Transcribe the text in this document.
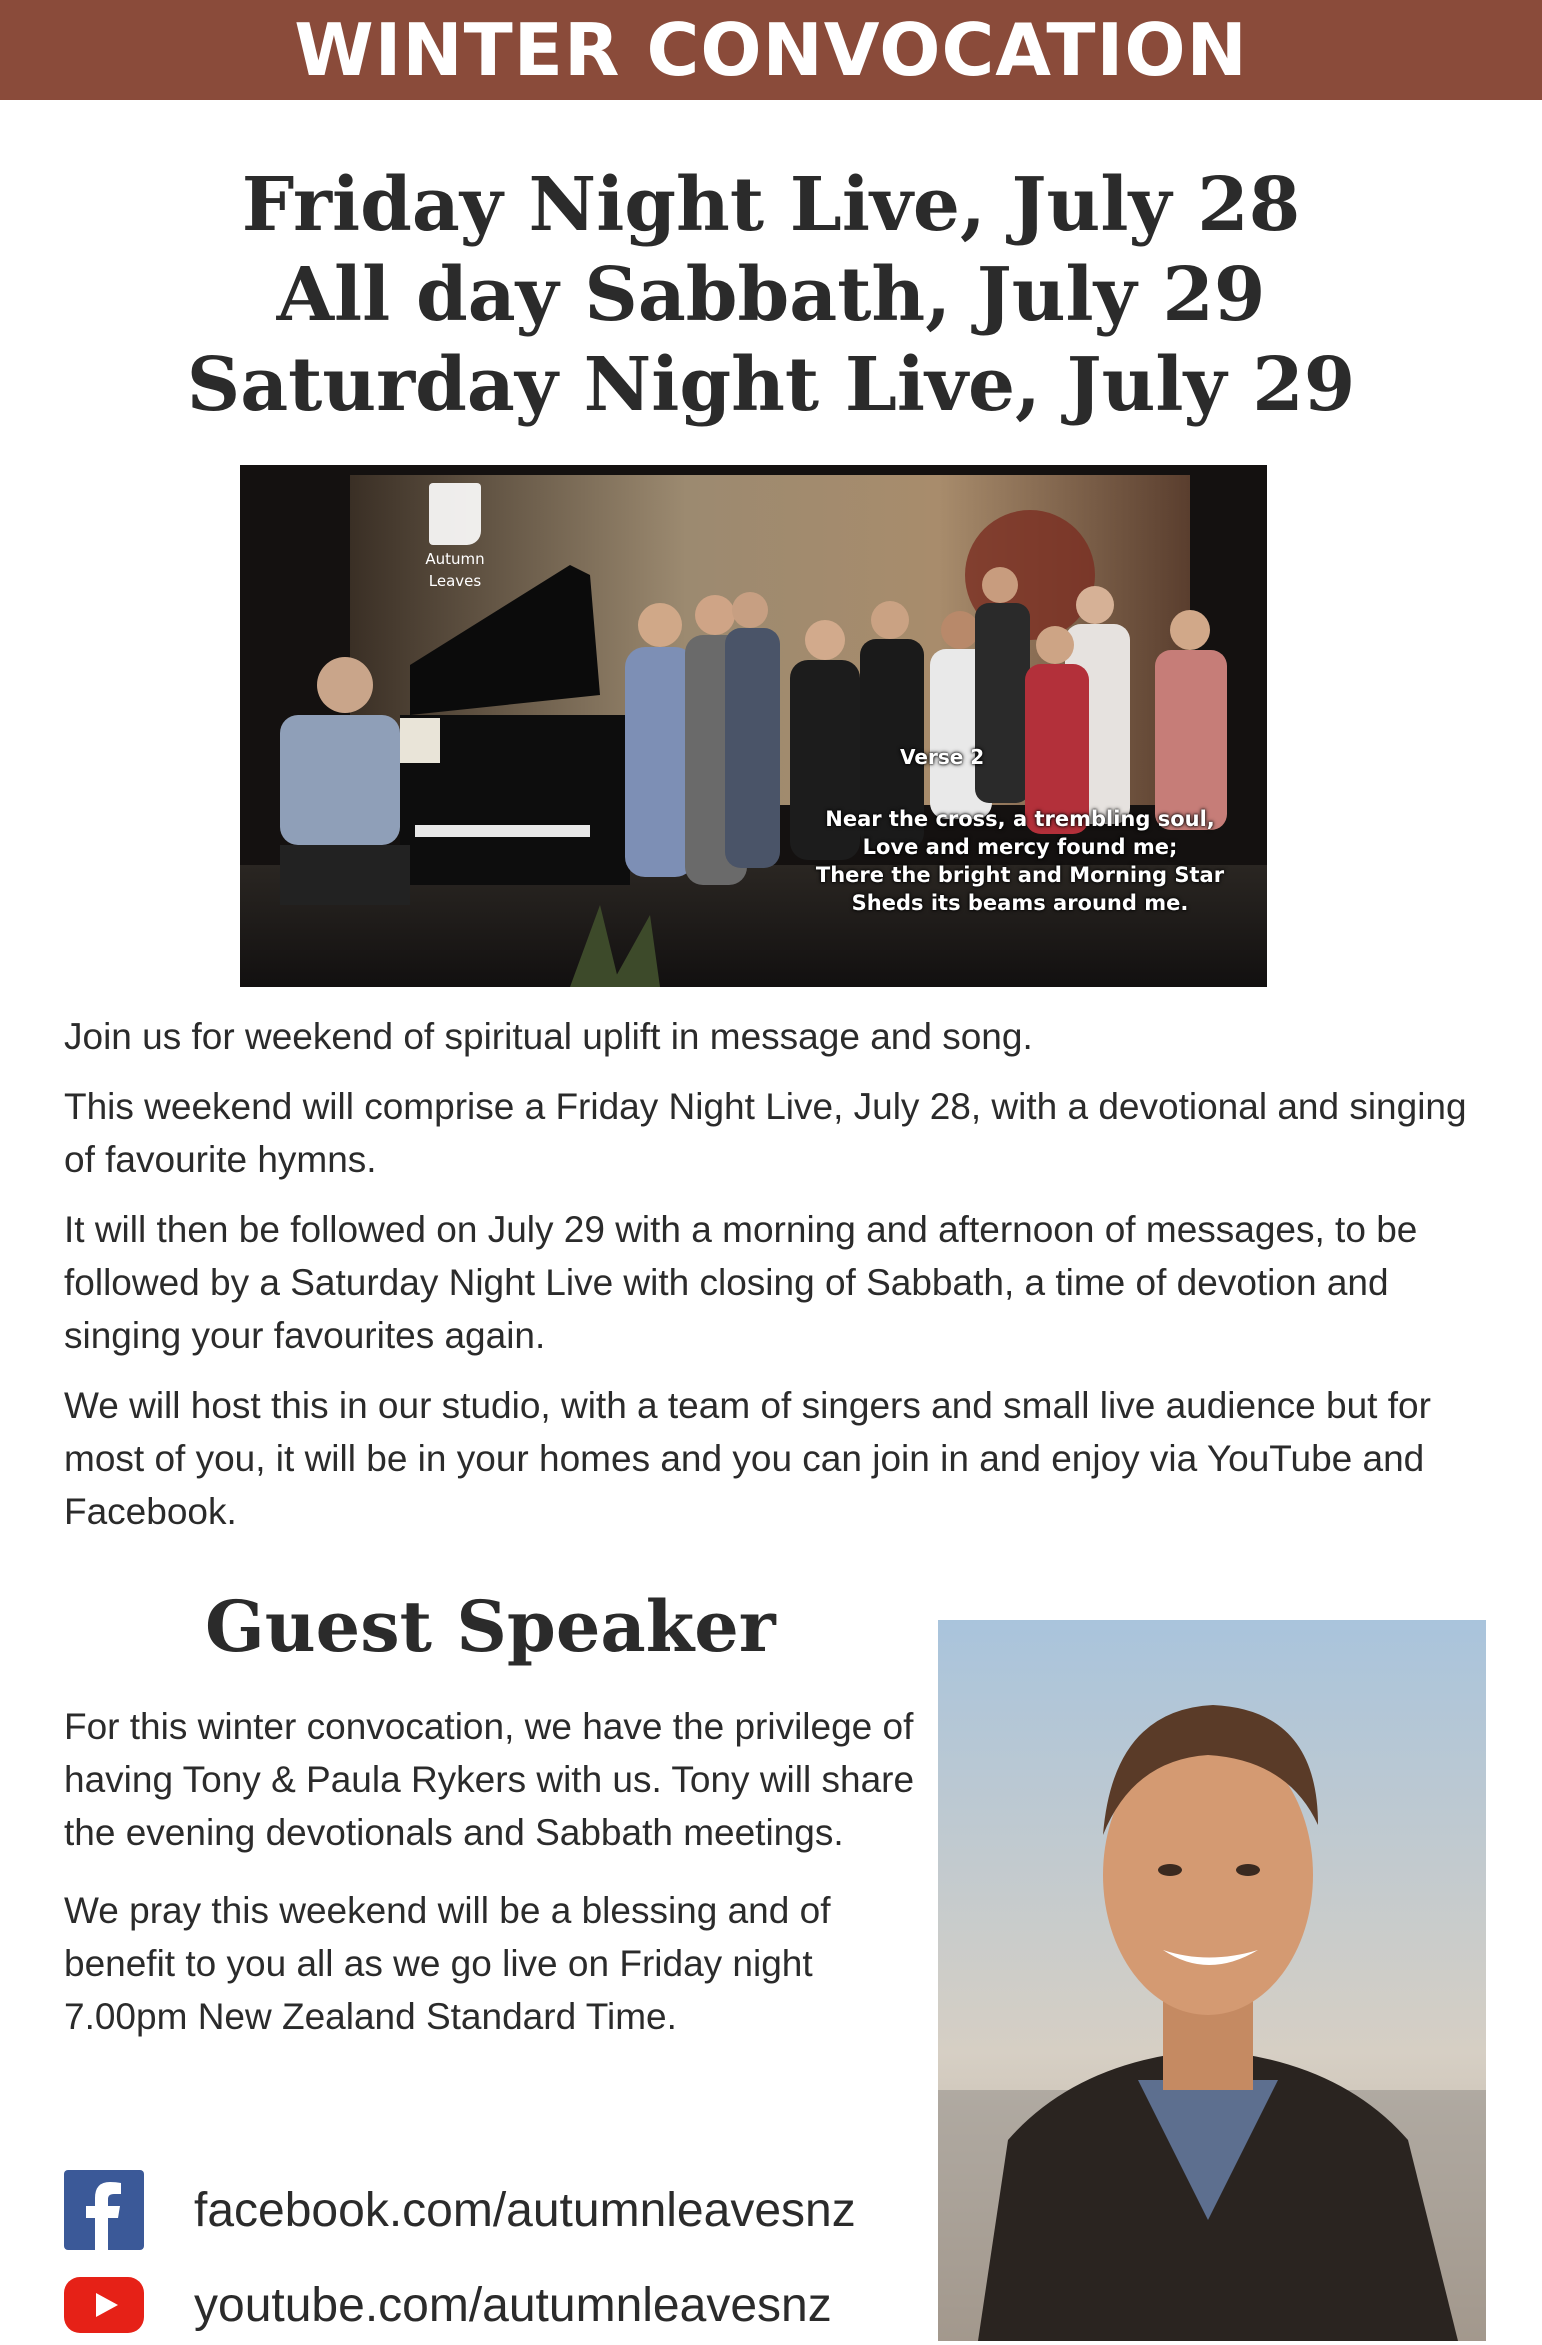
WINTER CONVOCATION
Friday Night Live, July 28
All day Sabbath, July 29
Saturday Night Live, July 29
Autumn
Leaves
Verse 2
Near the cross, a trembling soul,
Love and mercy found me;
There the bright and Morning Star
Sheds its beams around me.

Join us for weekend of spiritual uplift in message and song.

This weekend will comprise a Friday Night Live, July 28, with a devotional and singing of favourite hymns.

It will then be followed on July 29 with a morning and afternoon of messages, to be followed by a Saturday Night Live with closing of Sabbath, a time of devotion and singing your favourites again.

We will host this in our studio, with a team of singers and small live audience but for most of you, it will be in your homes and you can join in and enjoy via YouTube and Facebook.

Guest Speaker

For this winter convocation, we have the privilege of having Tony & Paula Rykers with us. Tony will share the evening devotionals and Sabbath meetings.

We pray this weekend will be a blessing and of benefit to you all as we go live on Friday night 7.00pm New Zealand Standard Time.

facebook.com/autumnleavesnz
youtube.com/autumnleavesnz
